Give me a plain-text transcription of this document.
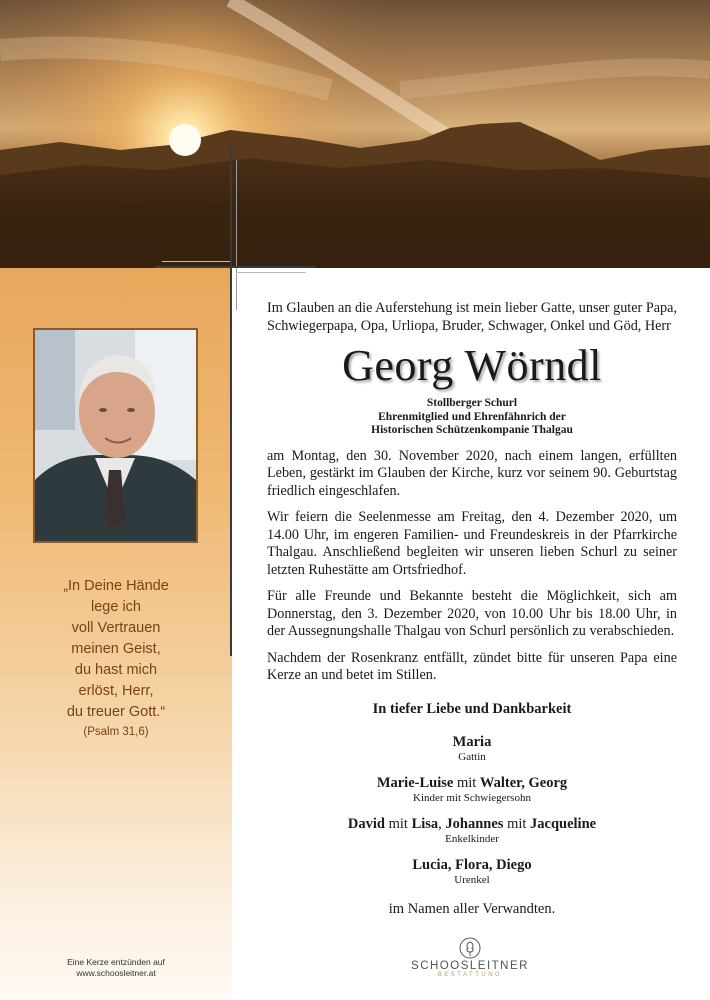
„In Deine Hände
lege ich
voll Vertrauen
meinen Geist,
du hast mich
erlöst, Herr,
du treuer Gott.“
(Psalm 31,6)
Eine Kerze entzünden auf
www.schoosleitner.at

Im Glauben an die Auferstehung ist mein lieber Gatte, unser guter Papa, Schwiegerpapa, Opa, Urliopa, Bruder, Schwager, Onkel und Göd, Herr

Georg Wörndl
Stollberger Schurl
Ehrenmitglied und Ehrenfähnrich der
Historischen Schützenkompanie Thalgau

am Montag, den 30. November 2020, nach einem langen, erfüllten Leben, gestärkt im Glauben der Kirche, kurz vor seinem 90. Geburtstag friedlich eingeschlafen.

Wir feiern die Seelenmesse am Freitag, den 4. Dezember 2020, um 14.00 Uhr, im engeren Familien- und Freundeskreis in der Pfarrkirche Thalgau. Anschließend begleiten wir unseren lieben Schurl zu seiner letzten Ruhestätte am Ortsfriedhof.

Für alle Freunde und Bekannte besteht die Möglichkeit, sich am Donnerstag, den 3. Dezember 2020, von 10.00 Uhr bis 18.00 Uhr, in der Aussegnungshalle Thalgau von Schurl persönlich zu verabschieden.

Nachdem der Rosenkranz entfällt, zündet bitte für unseren Papa eine Kerze an und betet im Stillen.

In tiefer Liebe und Dankbarkeit
Maria
Gattin
Marie-Luise mit Walter, Georg
Kinder mit Schwiegersohn
David mit Lisa, Johannes mit Jacqueline
Enkelkinder
Lucia, Flora, Diego
Urenkel
im Namen aller Verwandten.
SCHOOSLEITNER
BESTATTUNG
